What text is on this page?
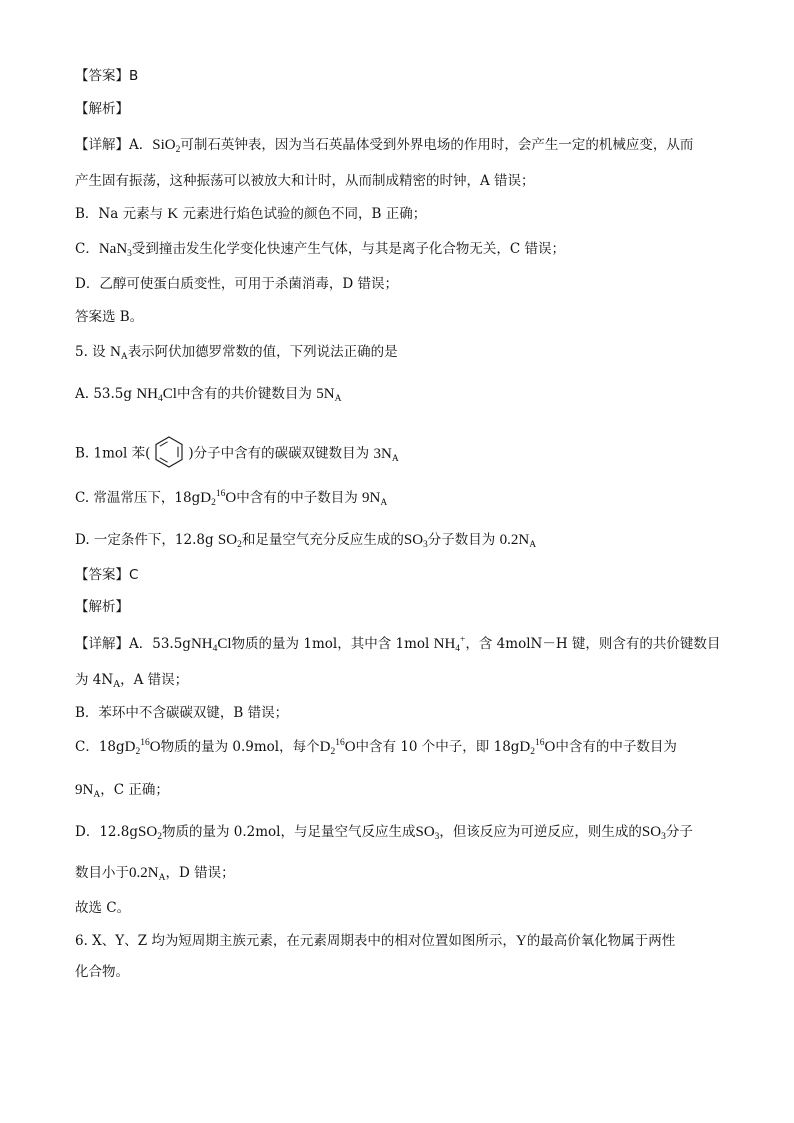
【答案】B
【解析】
【详解】A．SiO$_2$可制石英钟表，因为当石英晶体受到外界电场的作用时，会产生一定的机械应变，从而
产生固有振荡，这种振荡可以被放大和计时，从而制成精密的时钟，A 错误；
B．Na 元素与 K 元素进行焰色试验的颜色不同，B 正确；
C．NaN$_3$受到撞击发生化学变化快速产生气体，与其是离子化合物无关，C 错误；
D．乙醇可使蛋白质变性，可用于杀菌消毒，D 错误；
答案选 B。
5. 设 $N_A$表示阿伏加德罗常数的值，下列说法正确的是
A. 53.5g $NH_4Cl$中含有的共价键数目为 $5N_A$
B. 1mol 苯(	)分子中含有的碳碳双键数目为 $3N_A$
C. 常温常压下，$18gD_2^{16}O$中含有的中子数目为 $9N_A$
D. 一定条件下，12.8g $SO_2$和足量空气充分反应生成的$SO_3$分子数目为 $0.2N_A$
【答案】C
【解析】
【详解】A．53.5gNH$_4$Cl物质的量为 1mol，其中含 1mol $NH_4^+$，含 4molN－H 键，则含有的共价键数目
为 $4N_A$，A 错误；
B．苯环中不含碳碳双键，B 错误；
C．$18gD_2^{16}O$物质的量为 0.9mol，每个$D_2^{16}O$中含有 10 个中子，即 $18gD_2^{16}O$中含有的中子数目为
$9N_A$，C 正确；
D．12.8gSO$_2$物质的量为 0.2mol，与足量空气反应生成$SO_3$，但该反应为可逆反应，则生成的$SO_3$分子
数目小于$0.2N_A$，D 错误；
故选 C。
6. X、Y、Z 均为短周期主族元素，在元素周期表中的相对位置如图所示，Y的最高价氧化物属于两性
化合物。
